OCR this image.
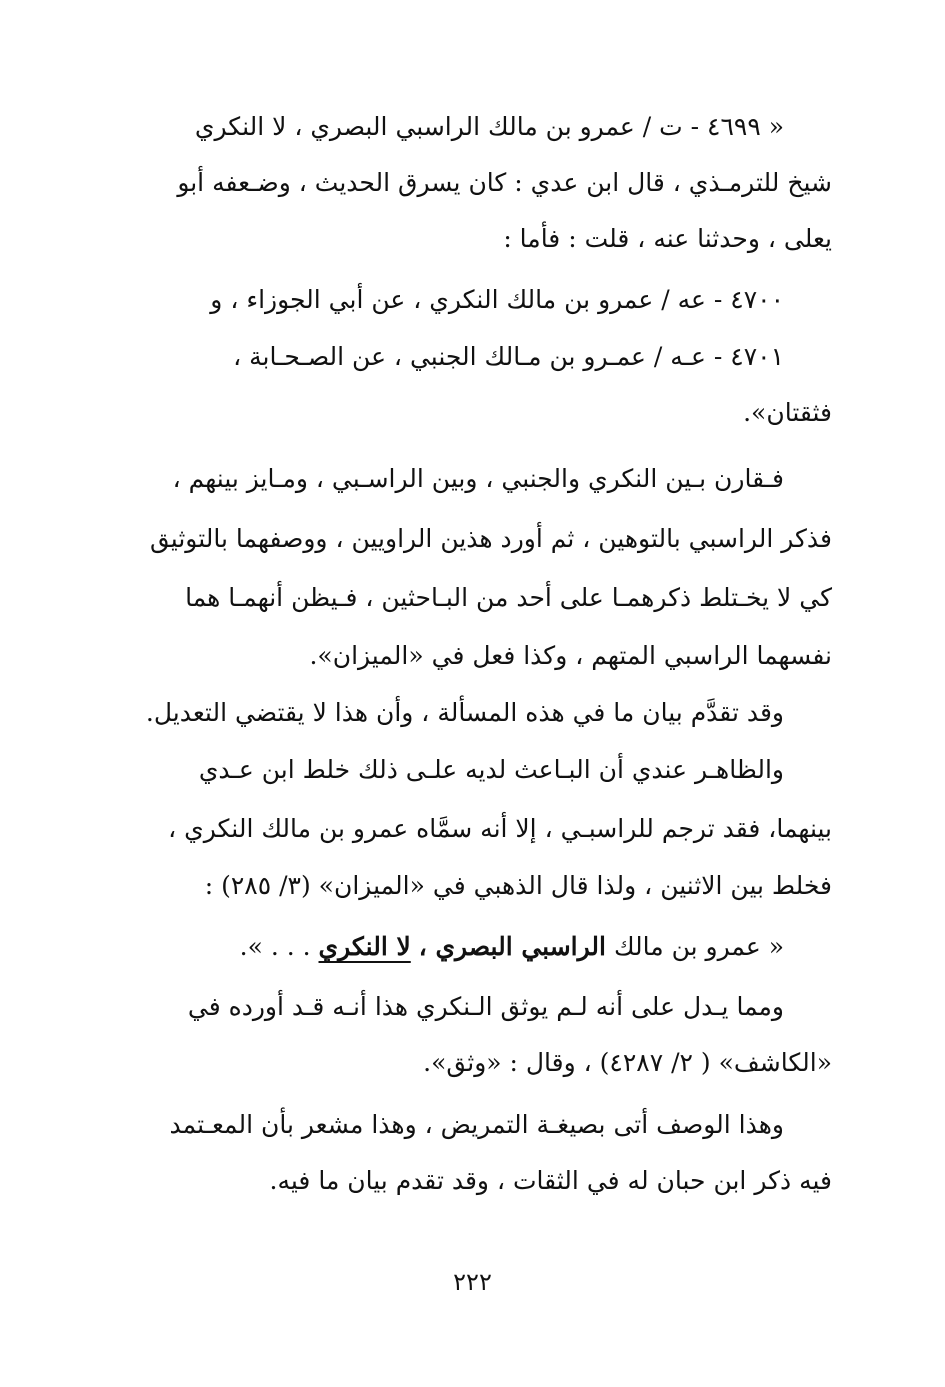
« ٤٦٩٩ - ت / عمرو بن مالك الراسبي البصري ، لا النكري
شيخ للترمـذي ، قال ابن عدي : كان يسرق الحديث ، وضـعفه أبو
يعلى ، وحدثنا عنه ، قلت : فأما :
٤٧٠٠ - عه / عمرو بن مالك النكري ، عن أبي الجوزاء ، و
٤٧٠١ - عـه / عمـرو بن مـالك الجنبي ، عن الصـحـابة ،
فثقتان».
فـقارن بـين النكري والجنبي ، وبين الراسـبي ، ومـايز بينهم ،
فذكر الراسبي بالتوهين ، ثم أورد هذين الراويين ، ووصفهما بالتوثيق
كي لا يخـتلط ذكرهمـا على أحد من البـاحثين ، فـيظن أنهمـا هما
نفسهما الراسبي المتهم ، وكذا فعل في «الميزان».
وقد تقدَّم بيان ما في هذه المسألة ، وأن هذا لا يقتضي التعديل.
والظاهـر عندي أن البـاعث لديه علـى ذلك خلط ابن عـدي
بينهما، فقد ترجم للراسبـي ، إلا أنه سمَّاه عمرو بن مالك النكري ،
فخلط بين الاثنين ، ولذا قال الذهبي في «الميزان» (٣/ ٢٨٥) :
« عمرو بن مالك الراسبي البصري ، لا النكري . . . ».
ومما يـدل على أنه لـم يوثق الـنكري هذا أنـه قـد أورده في
«الكاشف» ( ٢/ ٤٢٨٧) ، وقال : «وثق».
وهذا الوصف أتى بصيغـة التمريض ، وهذا مشعر بأن المعـتمد
فيه ذكر ابن حبان له في الثقات ، وقد تقدم بيان ما فيه.
٢٢٢
